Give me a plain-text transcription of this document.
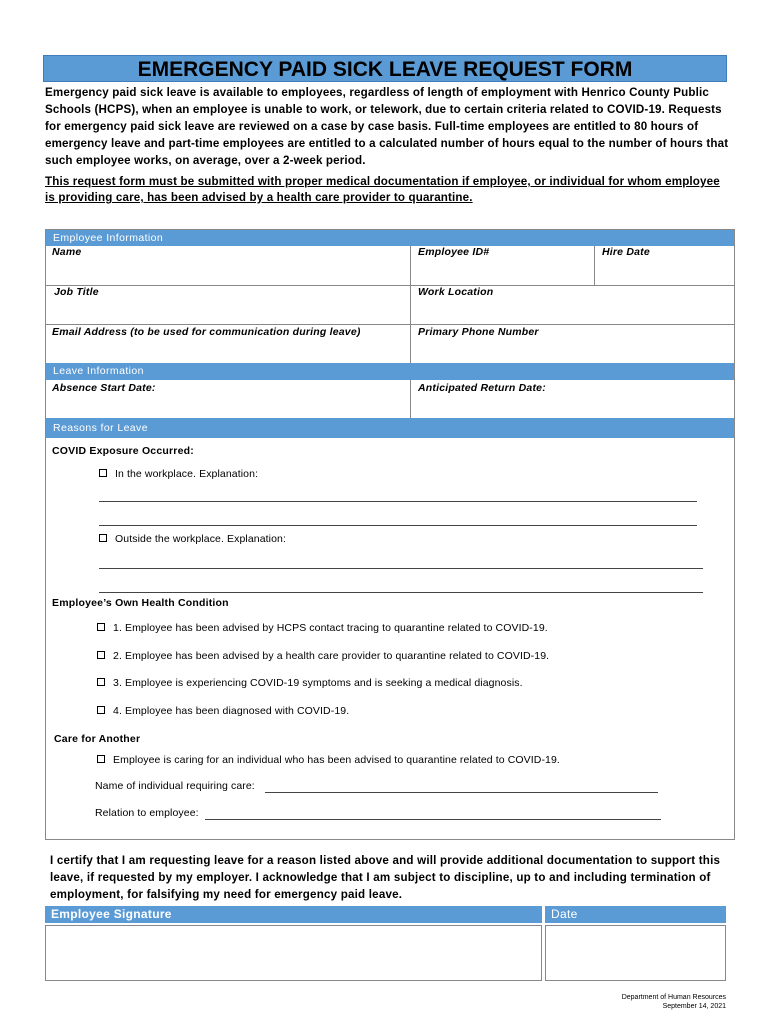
EMERGENCY PAID SICK LEAVE REQUEST FORM
Emergency paid sick leave is available to employees, regardless of length of employment with Henrico County Public Schools (HCPS), when an employee is unable to work, or telework, due to certain criteria related to COVID-19. Requests for emergency paid sick leave are reviewed on a case by case basis. Full-time employees are entitled to 80 hours of emergency leave and part-time employees are entitled to a calculated number of hours equal to the number of hours that such employee works, on average, over a 2-week period.
This request form must be submitted with proper medical documentation if employee, or individual for whom employee is providing care, has been advised by a health care provider to quarantine.
Employee Information
Name	Employee ID#	Hire Date
Job Title	Work Location
Email Address (to be used for communication during leave)	Primary Phone Number
Leave Information
Absence Start Date:	Anticipated Return Date:
Reasons for Leave
COVID Exposure Occurred:
In the workplace. Explanation:
Outside the workplace. Explanation:
Employee’s Own Health Condition
1. Employee has been advised by HCPS contact tracing to quarantine related to COVID-19.
2. Employee has been advised by a health care provider to quarantine related to COVID-19.
3. Employee is experiencing COVID-19 symptoms and is seeking a medical diagnosis.
4. Employee has been diagnosed with COVID-19.
Care for Another
Employee is caring for an individual who has been advised to quarantine related to COVID-19.
Name of individual requiring care:
Relation to employee:
I certify that I am requesting leave for a reason listed above and will provide additional documentation to support this leave, if requested by my employer. I acknowledge that I am subject to discipline, up to and including termination of employment, for falsifying my need for emergency paid leave.
Employee Signature	Date
Department of Human Resources
September 14, 2021
